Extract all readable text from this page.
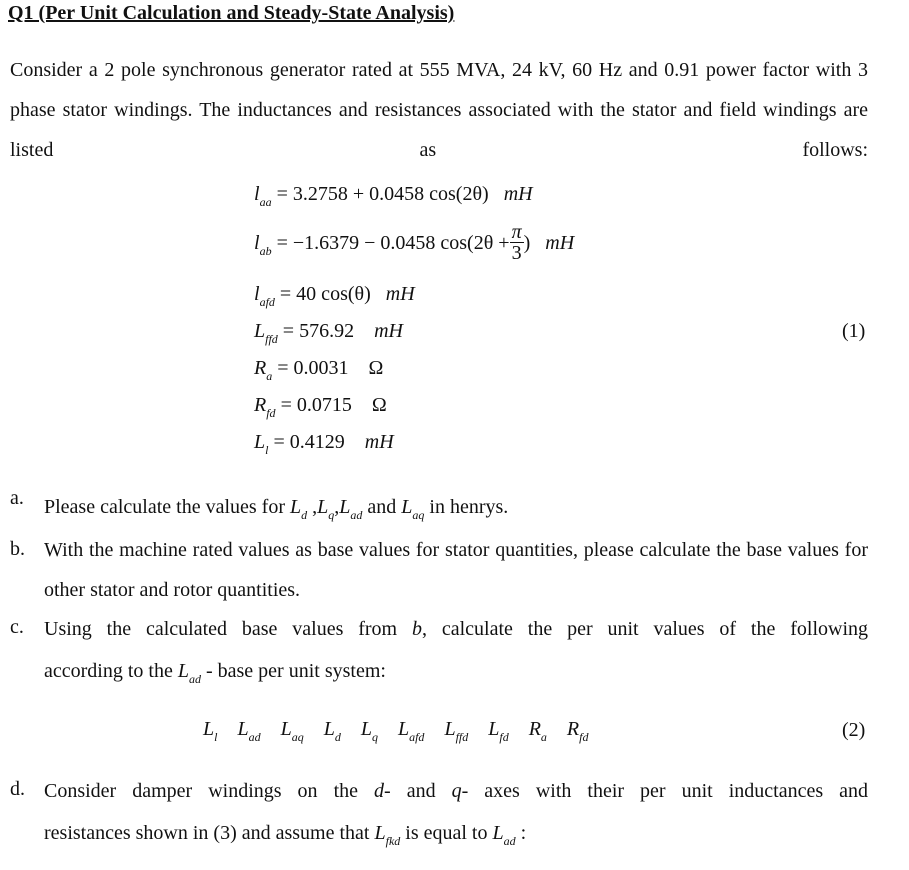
Q1 (Per Unit Calculation and Steady-State Analysis)
Consider a 2 pole synchronous generator rated at 555 MVA, 24 kV, 60 Hz and 0.91 power factor with 3 phase stator windings. The inductances and resistances associated with the stator and field windings are listed as follows:
$l_{aa} = 3.2758 + 0.0458$ cos(2θ) mH
$l_{ab} = -1.6379 - 0.0458$ $\cos(2\theta + \frac{\pi}{3}$ ) mH
$l_{afd} = 40$ cos(θ) mH
$L_{ffd} = 576.92$ mH	(1)
$R_a = 0.0031$ Ω
$R_{fd} = 0.0715$ Ω
$L_l = 0.4129$ mH
a. Please calculate the values for $L_d$ $,L_q,L_{ad}$ and $L_{aq}$ in henrys.
b. With the machine rated values as base values for stator quantities, please calculate the base values for other stator and rotor quantities.
c. Using the calculated base values from b, calculate the per unit values of the following
according to the $L_{ad}$ - base per unit system:
$L_l$ $L_{ad}$ $L_{aq}$ $L_d$ $L_q$ $L_{afd}$ $L_{ffd}$ $L_{fd}$ $R_a$ $R_{fd}$	(2)
d. Consider damper windings on the d- and q- axes with their per unit inductances and
resistances shown in (3) and assume that $L_{fkd}$ is equal to $L_{ad}$ :
